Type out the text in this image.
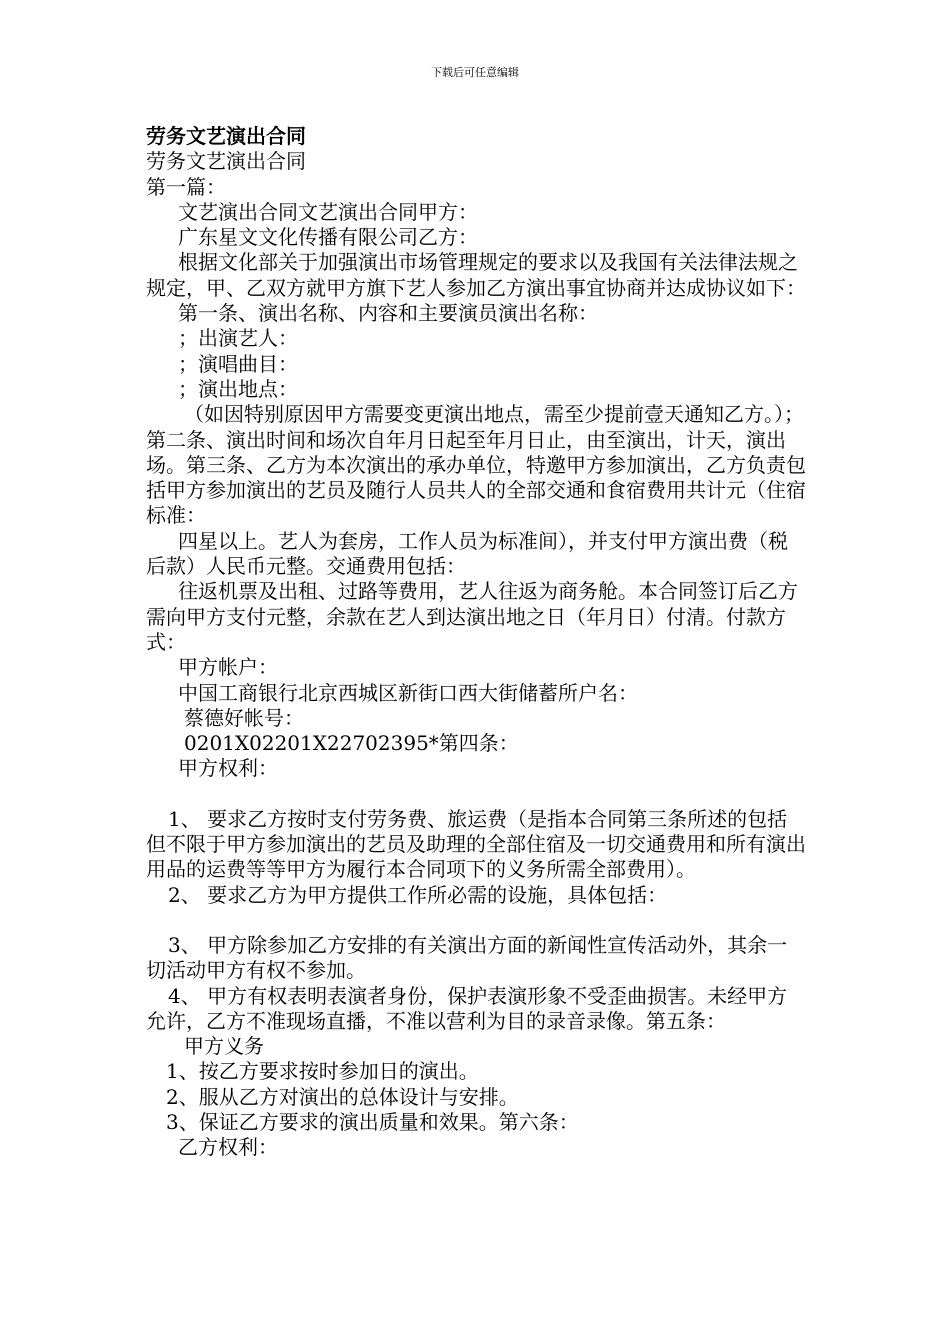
下载后可任意编辑

劳务文艺演出合同

劳务文艺演出合同

第一篇：

文艺演出合同文艺演出合同甲方：

广东星文文化传播有限公司乙方：

根据文化部关于加强演出市场管理规定的要求以及我国有关法律法规之规定，甲、乙双方就甲方旗下艺人参加乙方演出事宜协商并达成协议如下：

第一条、演出名称、内容和主要演员演出名称：

；出演艺人：

；演唱曲目：

；演出地点：

（如因特别原因甲方需要变更演出地点，需至少提前壹天通知乙方。）；第二条、演出时间和场次自年月日起至年月日止，由至演出，计天，演出场。第三条、乙方为本次演出的承办单位，特邀甲方参加演出，乙方负责包括甲方参加演出的艺员及随行人员共人的全部交通和食宿费用共计元（住宿标准：

四星以上。艺人为套房，工作人员为标准间），并支付甲方演出费（税后款）人民币元整。交通费用包括：

往返机票及出租、过路等费用，艺人往返为商务舱。本合同签订后乙方需向甲方支付元整，余款在艺人到达演出地之日（年月日）付清。付款方式：

甲方帐户：

中国工商银行北京西城区新街口西大街储蓄所户名：

蔡德好帐号：

0201X02201X22702395*第四条：

甲方权利：

1、 要求乙方按时支付劳务费、旅运费（是指本合同第三条所述的包括但不限于甲方参加演出的艺员及助理的全部住宿及一切交通费用和所有演出用品的运费等等甲方为履行本合同项下的义务所需全部费用）。

2、 要求乙方为甲方提供工作所必需的设施，具体包括：

3、 甲方除参加乙方安排的有关演出方面的新闻性宣传活动外，其余一切活动甲方有权不参加。

4、 甲方有权表明表演者身份，保护表演形象不受歪曲损害。未经甲方允许，乙方不准现场直播，不准以营利为目的录音录像。第五条：

甲方义务

1、按乙方要求按时参加日的演出。

2、服从乙方对演出的总体设计与安排。

3、保证乙方要求的演出质量和效果。第六条：

乙方权利：
